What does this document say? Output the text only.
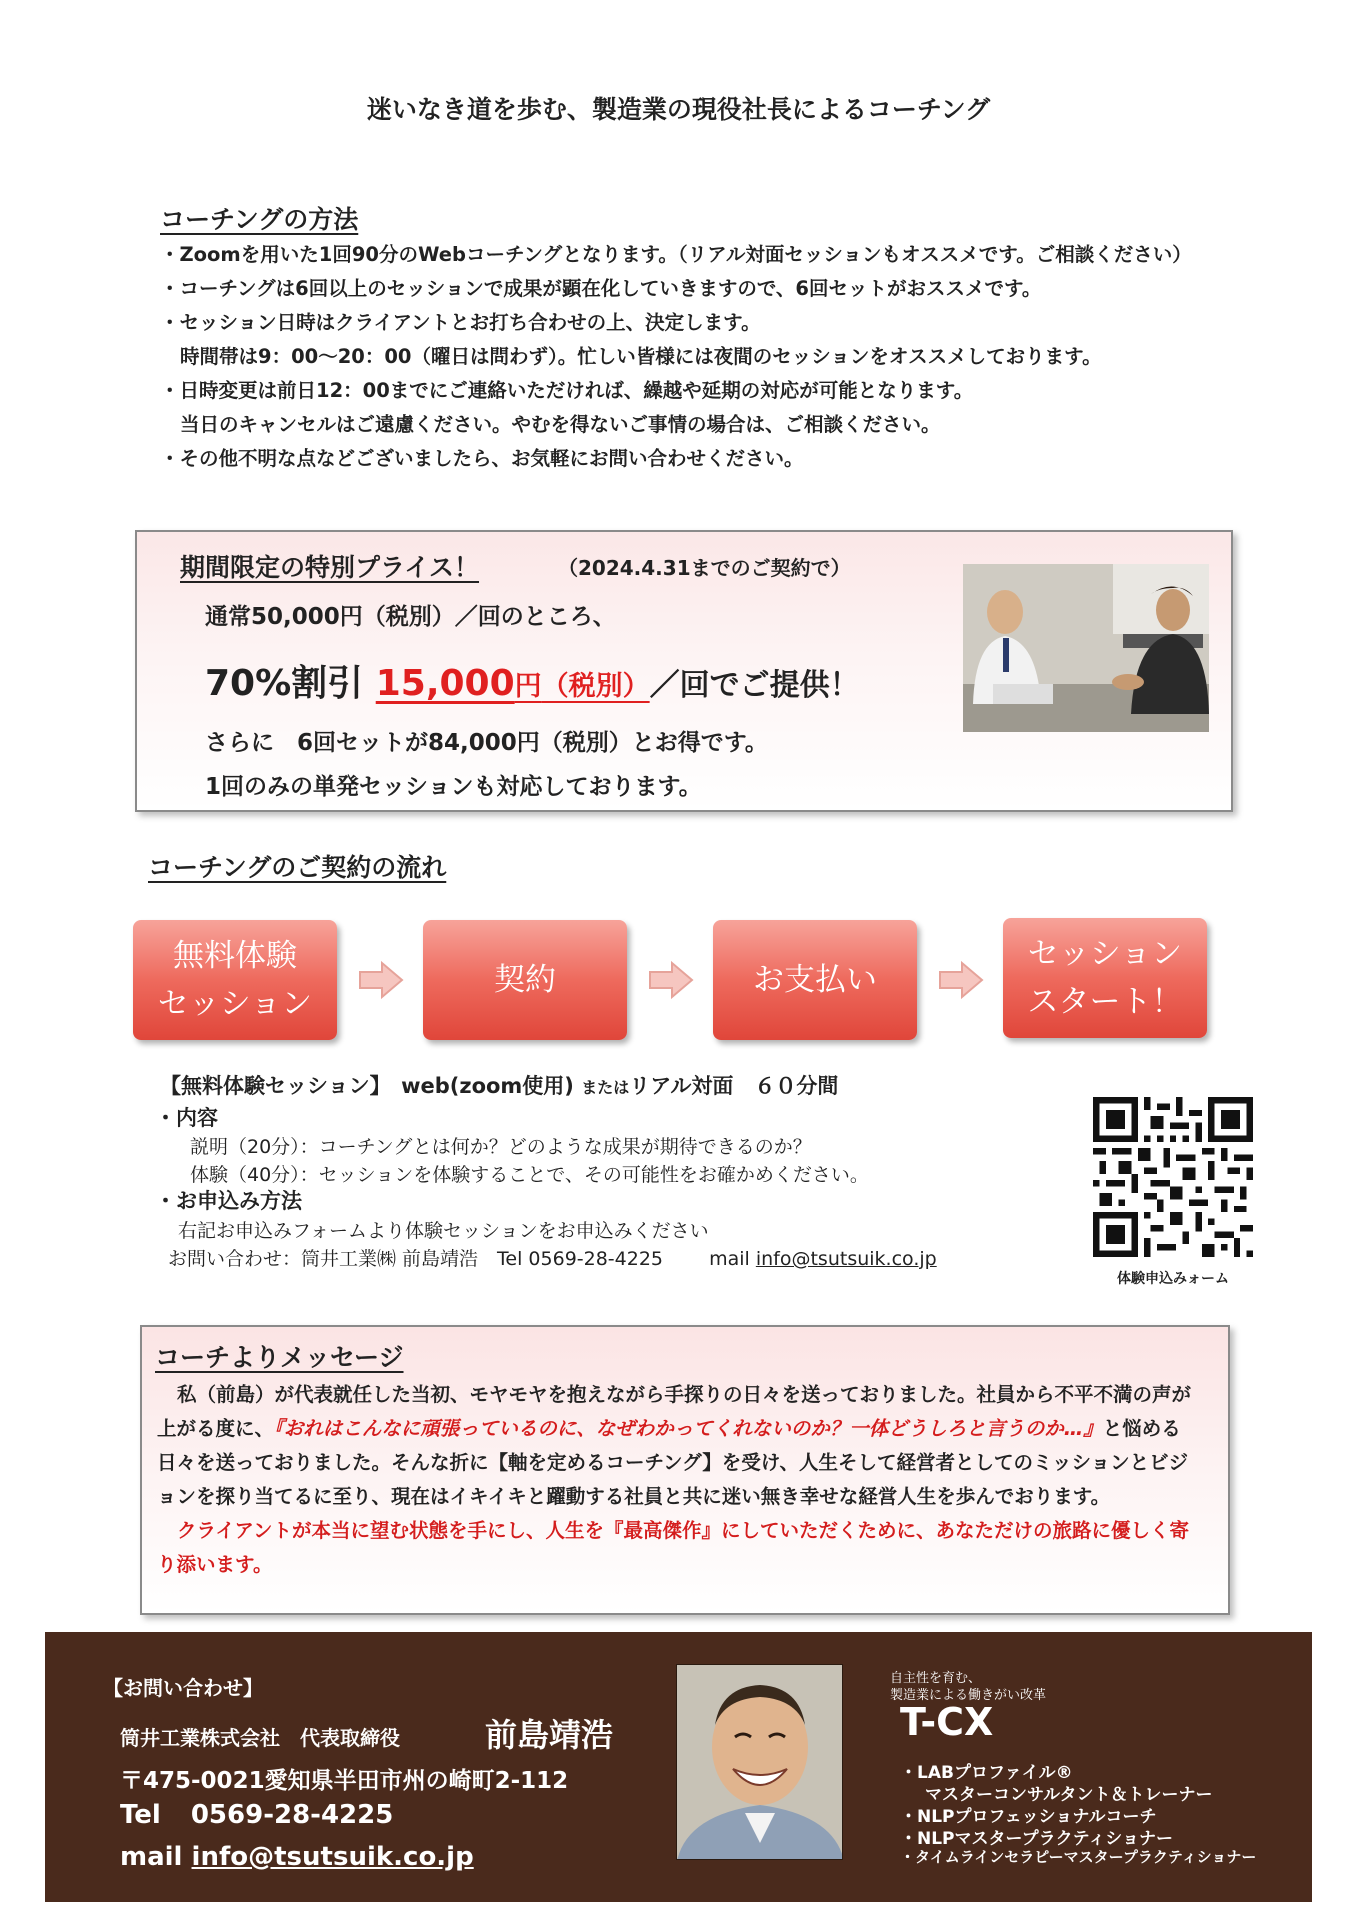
迷いなき道を歩む、製造業の現役社長によるコーチング
コーチングの方法
・Zoomを用いた1回90分のWebコーチングとなります。（リアル対面セッションもオススメです。ご相談ください）
・コーチングは6回以上のセッションで成果が顕在化していきますので、6回セットがおススメです。
・セッション日時はクライアントとお打ち合わせの上、決定します。
時間帯は9：00〜20：00（曜日は問わず）。忙しい皆様には夜間のセッションをオススメしております。
・日時変更は前日12：00までにご連絡いただければ、繰越や延期の対応が可能となります。
当日のキャンセルはご遠慮ください。やむを得ないご事情の場合は、ご相談ください。
・その他不明な点などございましたら、お気軽にお問い合わせください。
期間限定の特別プライス！	（2024.4.31までのご契約で）
通常50,000円（税別）／回のところ、
70%割引 15,000円（税別）／回でご提供！
さらに　6回セットが84,000円（税別）とお得です。
1回のみの単発セッションも対応しております。
コーチングのご契約の流れ
無料体験
セッション
契約	お支払い
セッション
スタート！
【無料体験セッション】　web(zoom使用) またはリアル対面　６０分間
・内容
説明（20分）：コーチングとは何か？どのような成果が期待できるのか？
体験（40分）：セッションを体験することで、その可能性をお確かめください。
・お申込み方法
右記お申込みフォームより体験セッションをお申込みください
お問い合わせ：筒井工業㈱ 前島靖浩　Tel 0569-28-4225 mail info@tsutsuik.co.jp
体験申込みォーム
コーチよりメッセージ
私（前島）が代表就任した当初、モヤモヤを抱えながら手探りの日々を送っておりました。社員から不平不満の声が上がる度に、『おれはこんなに頑張っているのに、なぜわかってくれないのか？一体どうしろと言うのか…』と悩める日々を送っておりました。そんな折に【軸を定めるコーチング】を受け、人生そして経営者としてのミッションとビジョンを探り当てるに至り、現在はイキイキと躍動する社員と共に迷い無き幸せな経営人生を歩んでおります。
クライアントが本当に望む状態を手にし、人生を『最高傑作』にしていただくために、あなただけの旅路に優しく寄り添います。
【お問い合わせ】
筒井工業株式会社　代表取締役	前島靖浩
〒475-0021愛知県半田市州の崎町2-112
Tel 0569-28-4225
mail info@tsutsuik.co.jp
自主性を育む、
製造業による働きがい改革
T-CX
・LABプロファイル®
マスターコンサルタント＆トレーナー
・NLPプロフェッショナルコーチ
・NLPマスタープラクティショナー
・タイムラインセラピーマスタープラクティショナー
